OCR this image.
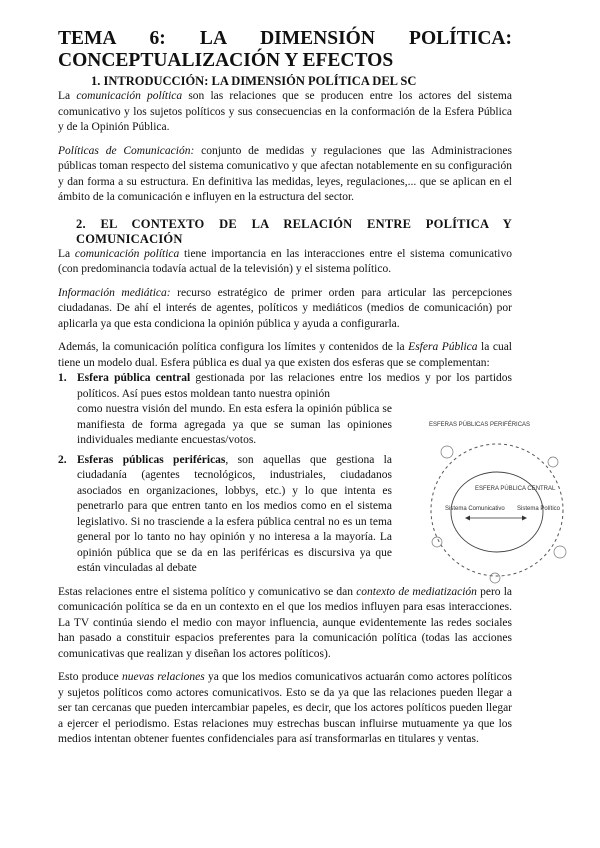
TEMA 6: LA DIMENSIÓN POLÍTICA:
CONCEPTUALIZACIÓN Y EFECTOS
1. INTRODUCCIÓN: LA DIMENSIÓN POLÍTICA DEL SC

La comunicación política son las relaciones que se producen entre los actores del sistema comunicativo y los sujetos políticos y sus consecuencias en la conformación de la Esfera Pública y de la Opinión Pública.

Políticas de Comunicación: conjunto de medidas y regulaciones que las Administraciones públicas toman respecto del sistema comunicativo y que afectan notablemente en su configuración y dan forma a su estructura. En definitiva las medidas, leyes, regulaciones,... que se aplican en el ámbito de la comunicación e influyen en la estructura del sector.

2. EL CONTEXTO DE LA RELACIÓN ENTRE POLÍTICA Y
COMUNICACIÓN

La comunicación política tiene importancia en las interacciones entre el sistema comunicativo (con predominancia todavía actual de la televisión) y el sistema político.

Información mediática: recurso estratégico de primer orden para articular las percepciones ciudadanas. De ahí el interés de agentes, políticos y mediáticos (medios de comunicación) por aplicarla ya que esta condiciona la opinión pública y ayuda a configurarla.

Además, la comunicación política configura los límites y contenidos de la Esfera Pública la cual tiene un modelo dual. Esfera pública es dual ya que existen dos esferas que se complementan:

1. Esfera pública central gestionada por las relaciones entre los medios y por los partidos políticos. Así pues estos moldean tanto nuestra opinión
como nuestra visión del mundo. En esta esfera la opinión pública se manifiesta de forma agregada ya que se suman las opiniones individuales mediante encuestas/votos.
2. Esferas públicas periféricas, son aquellas que gestiona la ciudadanía (agentes tecnológicos, industriales, ciudadanos asociados en organizaciones, lobbys, etc.) y lo que intenta es penetrarlo para que entren tanto en los medios como en el sistema legislativo. Si no trasciende a la esfera pública central no es un tema general por lo tanto no hay opinión y no interesa a la mayoría. La opinión pública que se da en las periféricas es discursiva ya que están vinculadas al debate

Estas relaciones entre el sistema político y comunicativo se dan contexto de mediatización pero la comunicación política se da en un contexto en el que los medios influyen para esas interacciones. La TV continúa siendo el medio con mayor influencia, aunque evidentemente las redes sociales han pasado a constituir espacios preferentes para la comunicación política (todas las acciones comunicativas que realizan y diseñan los actores políticos).

Esto produce nuevas relaciones ya que los medios comunicativos actuarán como actores políticos y sujetos políticos como actores comunicativos. Esto se da ya que las relaciones pueden llegar a ser tan cercanas que pueden intercambiar papeles, es decir, que los actores políticos pueden llegar a ejercer el periodismo. Estas relaciones muy estrechas buscan influirse mutuamente ya que los medios intentan obtener fuentes confidenciales para así transformarlas en titulares y ventas.

ESFERAS PÚBLICAS PERIFÉRICAS
ESFERA PÚBLICA CENTRAL
Sistema Comunicativo Sistema Político
